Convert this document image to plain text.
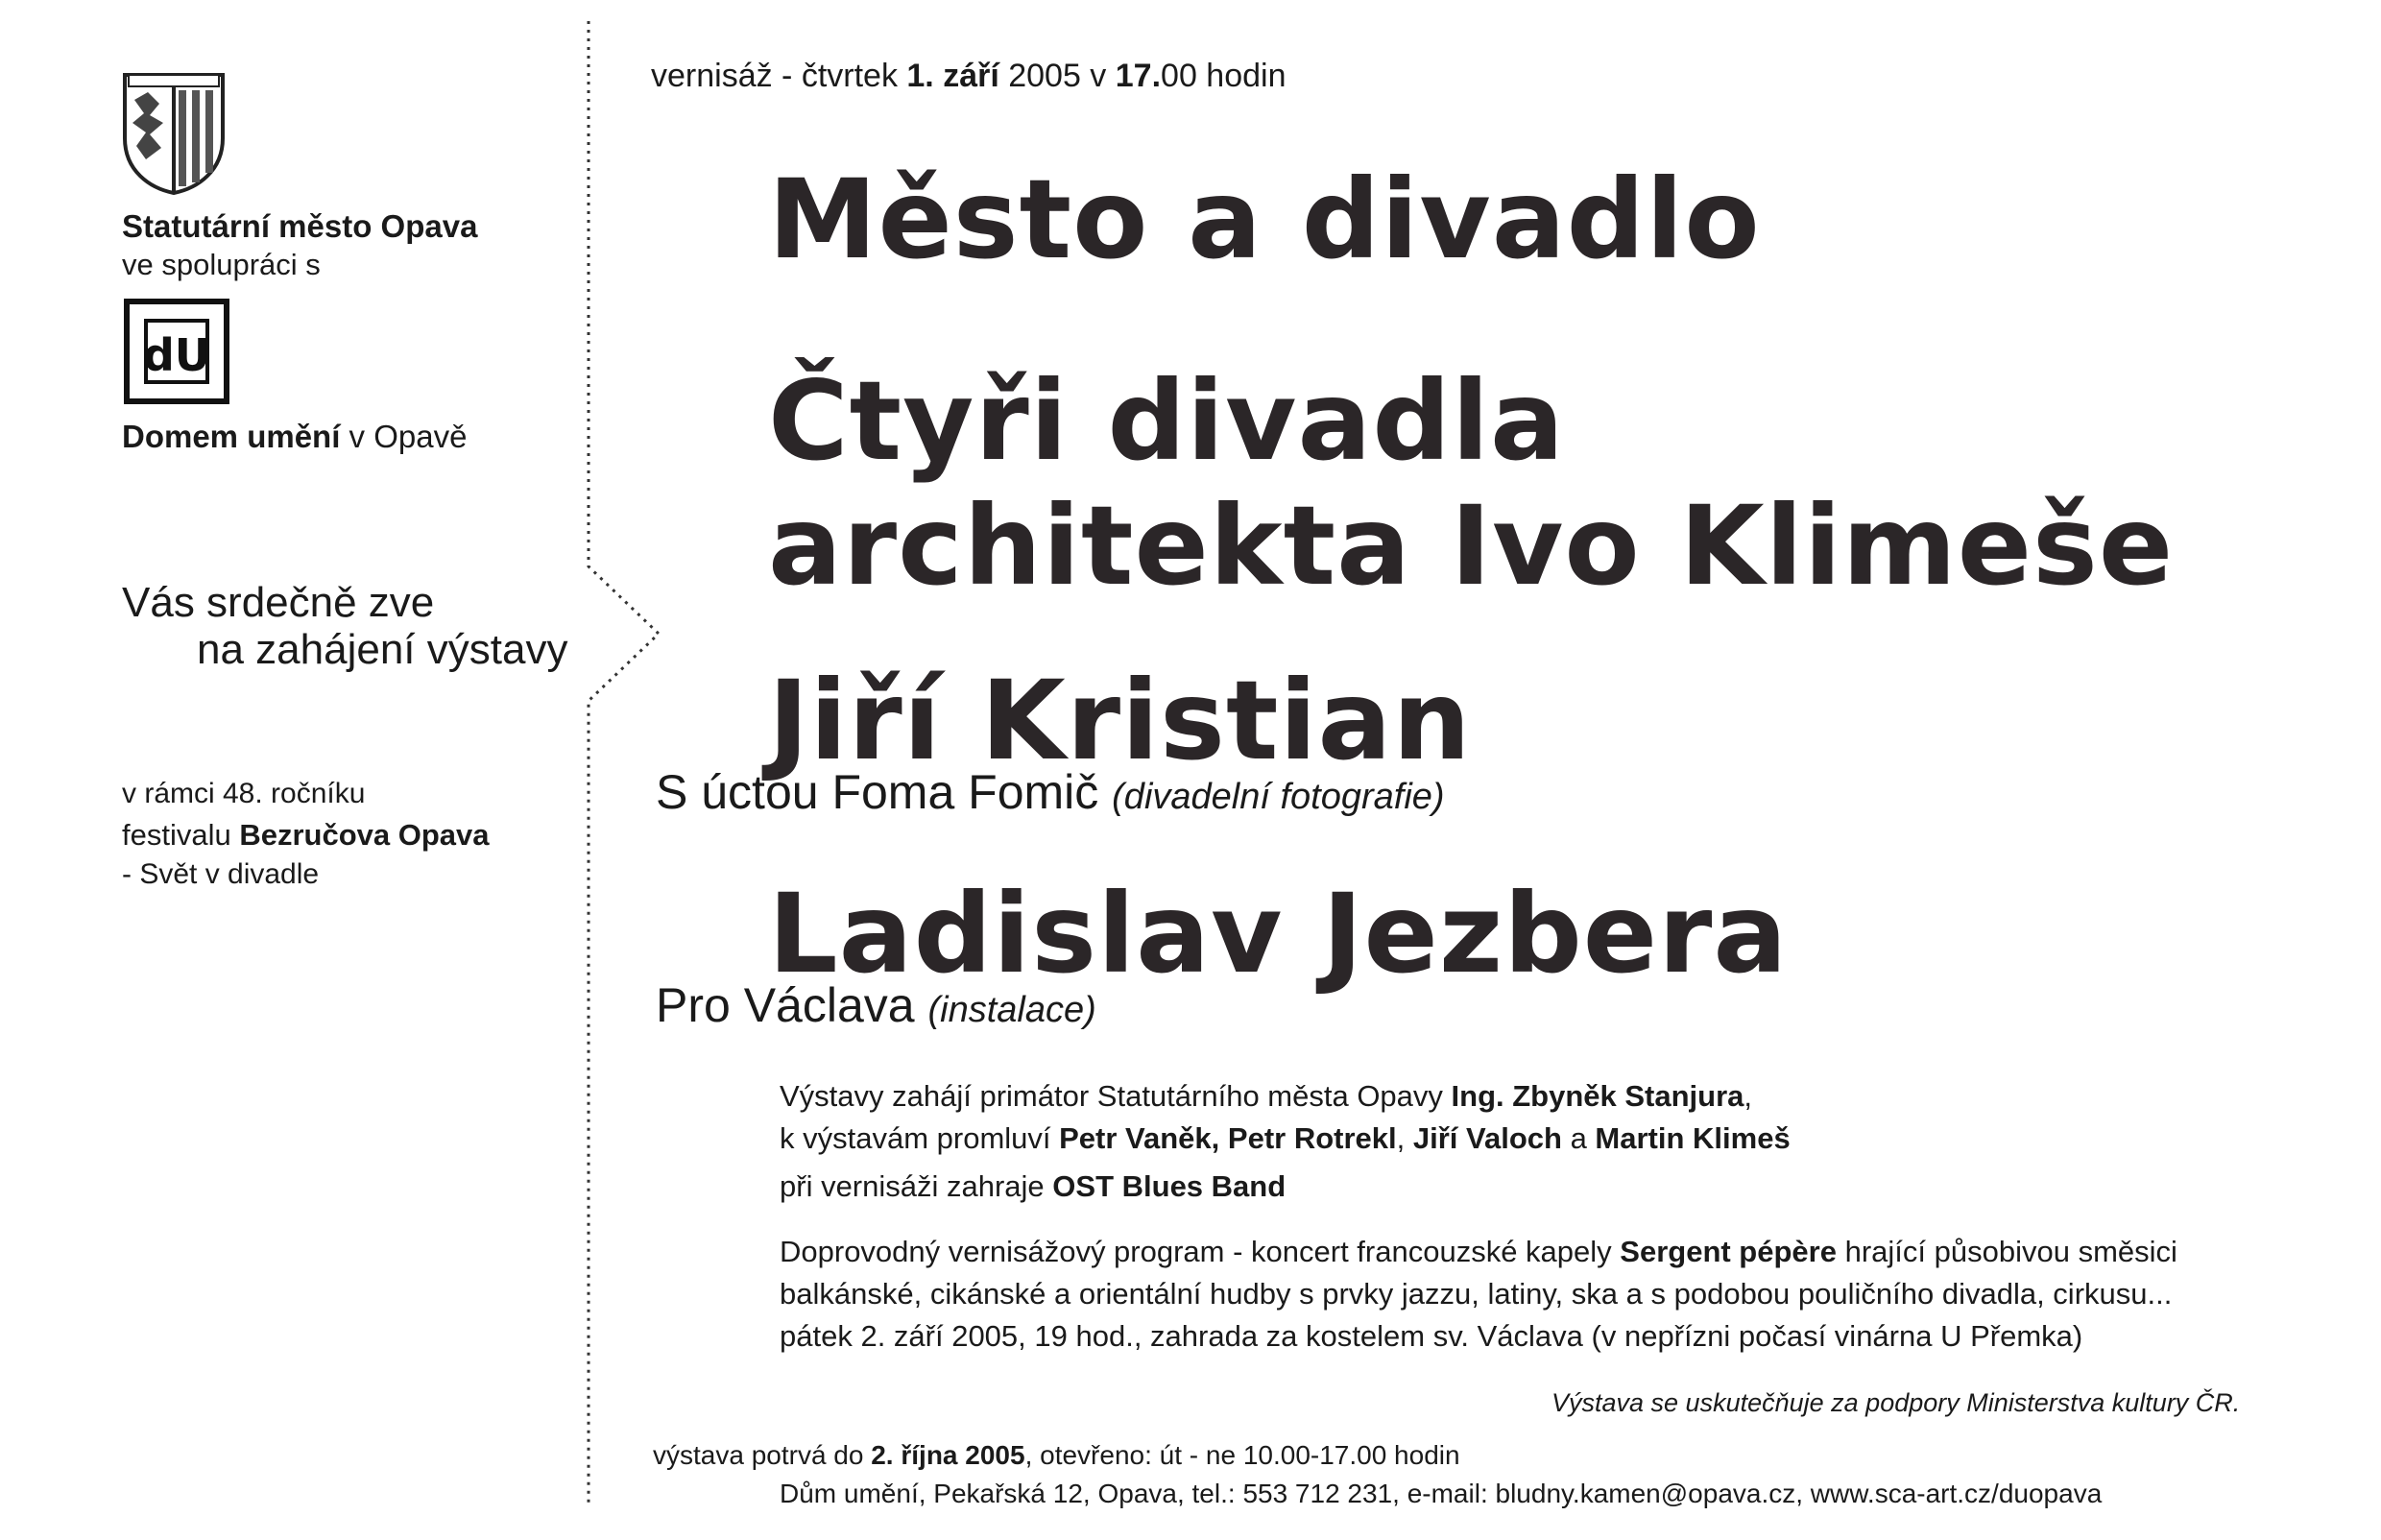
Statutární město Opava
ve spolupráci s
dU
Domem umění v Opavě
Vás srdečně zve
na zahájení výstavy
v rámci 48. ročníku
festivalu Bezručova Opava
- Svět v divadle
vernisáž - čtvrtek 1. září 2005 v 17.00 hodin
Město a divadlo
Čtyři divadla
architekta Ivo Klimeše
Jiří Kristian
S úctou Foma Fomič (divadelní fotografie)
Ladislav Jezbera
Pro Václava (instalace)
Výstavy zahájí primátor Statutárního města Opavy Ing. Zbyněk Stanjura,
k výstavám promluví Petr Vaněk, Petr Rotrekl, Jiří Valoch a Martin Klimeš
při vernisáži zahraje OST Blues Band
Doprovodný vernisážový program - koncert francouzské kapely Sergent pépère hrající působivou směsici
balkánské, cikánské a orientální hudby s prvky jazzu, latiny, ska a s podobou pouličního divadla, cirkusu...
pátek 2. září 2005, 19 hod., zahrada za kostelem sv. Václava (v nepřízni počasí vinárna U Přemka)
Výstava se uskutečňuje za podpory Ministerstva kultury ČR.
výstava potrvá do 2. října 2005, otevřeno: út - ne 10.00-17.00 hodin
Dům umění, Pekařská 12, Opava, tel.: 553 712 231, e-mail: bludny.kamen@opava.cz, www.sca-art.cz/duopava
